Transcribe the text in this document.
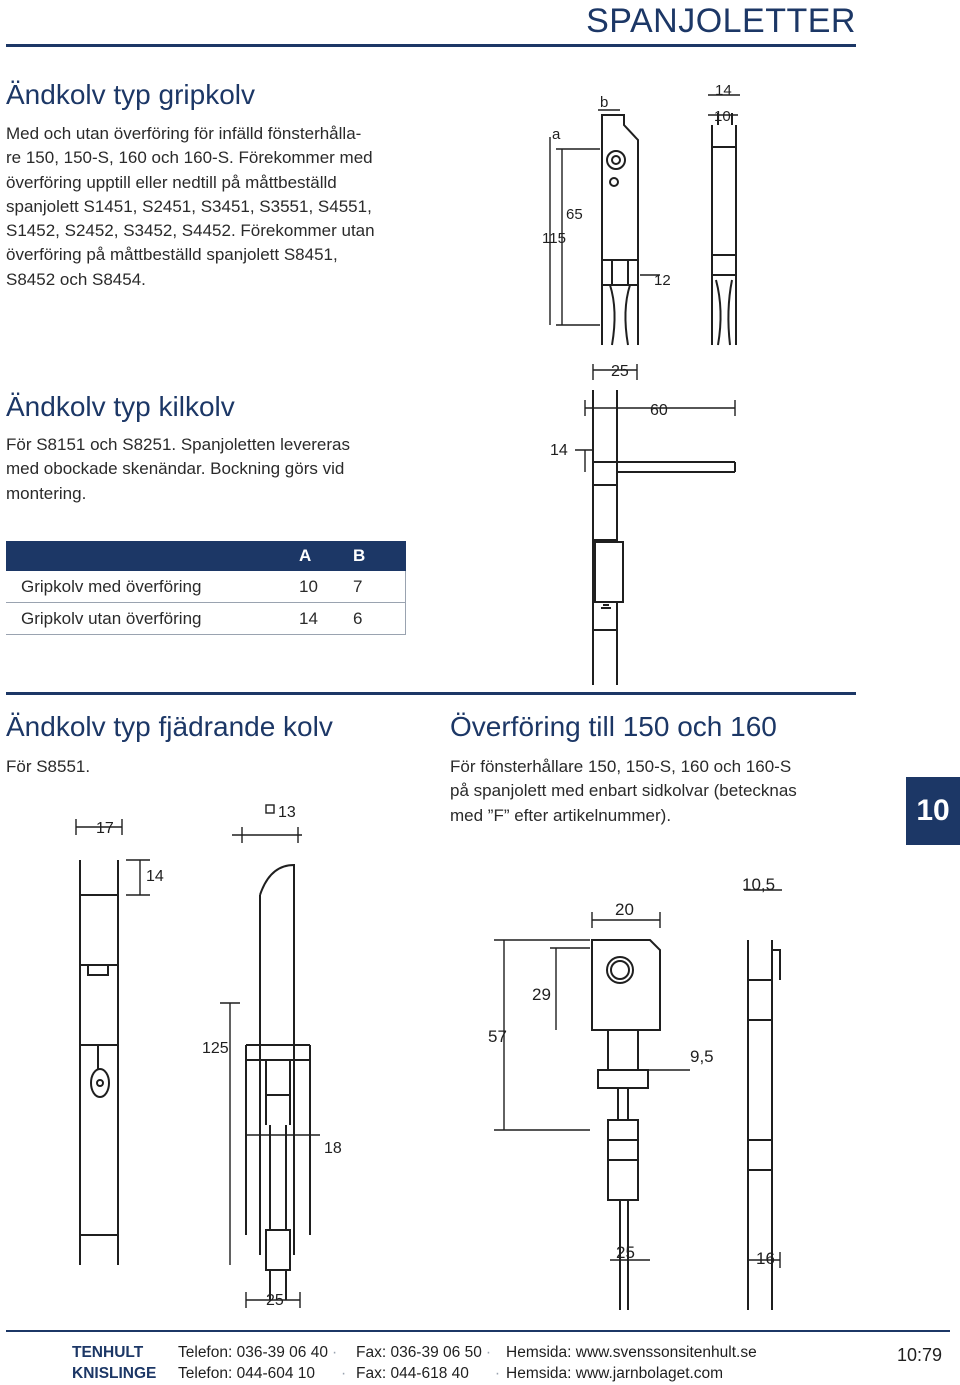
SPANJOLETTER
Ändkolv typ gripkolv
Med och utan överföring för infälld fönsterhålla-
re 150, 150-S, 160 och 160-S. Förekommer med
överföring upptill eller nedtill på måttbeställd
spanjolett S1451, S2451, S3451, S3551, S4551,
S1452, S2452, S3452, S4452. Förekommer utan
överföring på måttbeställd spanjolett S8451,
S8452 och S8454.
Ändkolv typ kilkolv
För S8151 och S8251. Spanjoletten levereras
med obockade skenändar. Bockning görs vid
montering.
	A	B
Gripkolv med överföring	10	7
Gripkolv utan överföring	14	6
Ändkolv typ fjädrande kolv
För S8551.
Överföring till 150 och 160
För fönsterhållare 150, 150-S, 160 och 160-S
på spanjolett med enbart sidkolvar (betecknas
med ”F” efter artikelnummer).	10
a
b
14
10
65
115
12
25
60
14
17
14
13
125
18
25
10,5
20
29
57
9,5
25	16
TENHULT
KNISLINGE
Telefon: 036-39 06 40 ·
Telefon: 044-604 10 ·
Fax: 036-39 06 50 ·
Fax: 044-618 40 ·
Hemsida: www.svenssonsitenhult.se
Hemsida: www.jarnbolaget.com
10:79
